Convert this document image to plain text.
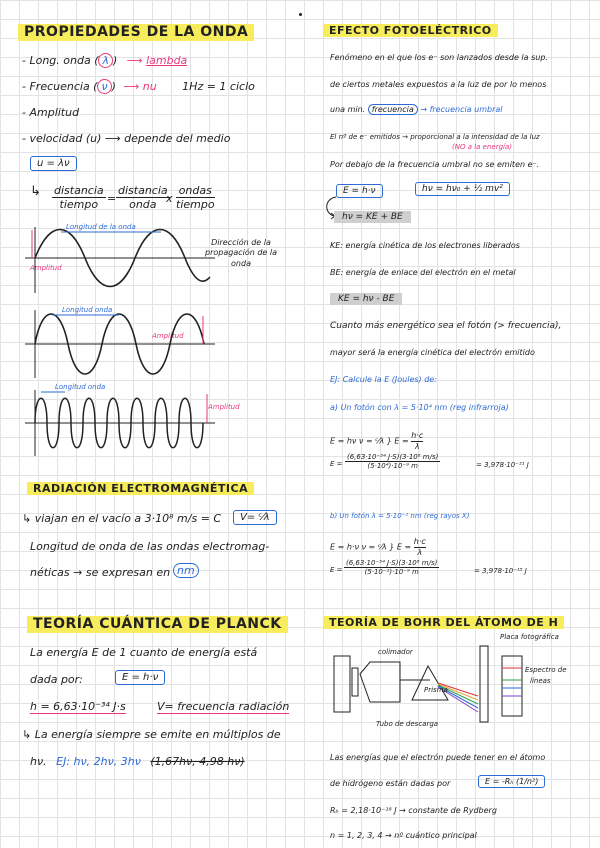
PROPIEDADES DE LA ONDA
- Long. onda ( λ ) ⟶ lambda
- Frecuencia ( ν ) ⟶ nu 1Hz = 1 ciclo
- Amplitud
- velocidad (u) ⟶ depende del medio
u = λν
↳ distancia
tiempo =
distancia
onda x
ondas
tiempo
Longitud de la onda
Amplitud
Dirección de la
propagación de la
onda
Longitud onda
Amplitud
Longitud onda
Amplitud
RADIACIÓN ELECTROMAGNÉTICA
↳ viajan en el vacío a 3·10⁸ m/s = C	V= ᶜ⁄λ
Longitud de onda de las ondas electromag-
néticas → se expresan en nm
TEORÍA CUÁNTICA DE PLANCK
La energía E de 1 cuanto de energía está
dada por:	E = h·ν
h = 6,63·10⁻³⁴ J·s	V= frecuencia radiación
↳ La energía siempre se emite en múltiplos de
hν. EJ: hν, 2hν, 3hν (1,67hν, 4,98 hν)
EFECTO FOTOELÉCTRICO
Fenómeno en el que los e⁻ son lanzados desde la sup.
de ciertos metales expuestos a la luz de por lo menos
una min. frecuencia → frecuencia umbral
El nº de e⁻ emitidos → proporcional a la intensidad de la luz
(NO a la energía)
Por debajo de la frecuencia umbral no se emiten e⁻.
E = h·ν	hν = hν₀ + ½ mv²
hν = KE + BE
KE: energía cinética de los electrones liberados
BE: energía de enlace del electrón en el metal
KE = hν - BE
Cuanto más energético sea el fotón (> frecuencia),
mayor será la energía cinética del electrón emitido
EJ: Calcule la E (Joules) de:
a) Un fotón con λ = 5·10⁴ nm (reg infrarroja)
E = hν ν = ᶜ⁄λ } $E = \frac{h\cdot c}{\lambda}$
E =
(6,63·10⁻³⁴ J·S)(3·10⁸ m/s)
(5·10⁴)·10⁻⁹ m	= 3,978·10⁻²¹ J
b) Un fotón λ = 5·10⁻² nm (reg rayos X)
E = h·ν ν = ᶜ⁄λ } $E = \frac{h\cdot c}{\lambda}$
E =
(6,63·10⁻³⁴ J·S)(3·10⁸ m/s)
(5·10⁻²)·10⁻⁹ m	= 3,978·10⁻¹⁵ J
TEORÍA DE BOHR DEL ÁTOMO DE H
Placa fotográfica
colimador
Espectro de
líneas
Prisma
Tubo de descarga
Las energías que el electrón puede tener en el átomo
de hidrógeno están dadas por	E = -Rₕ (1/n²)
Rₕ = 2,18·10⁻¹⁸ J → constante de Rydberg
n = 1, 2, 3, 4 → nº cuántico principal
